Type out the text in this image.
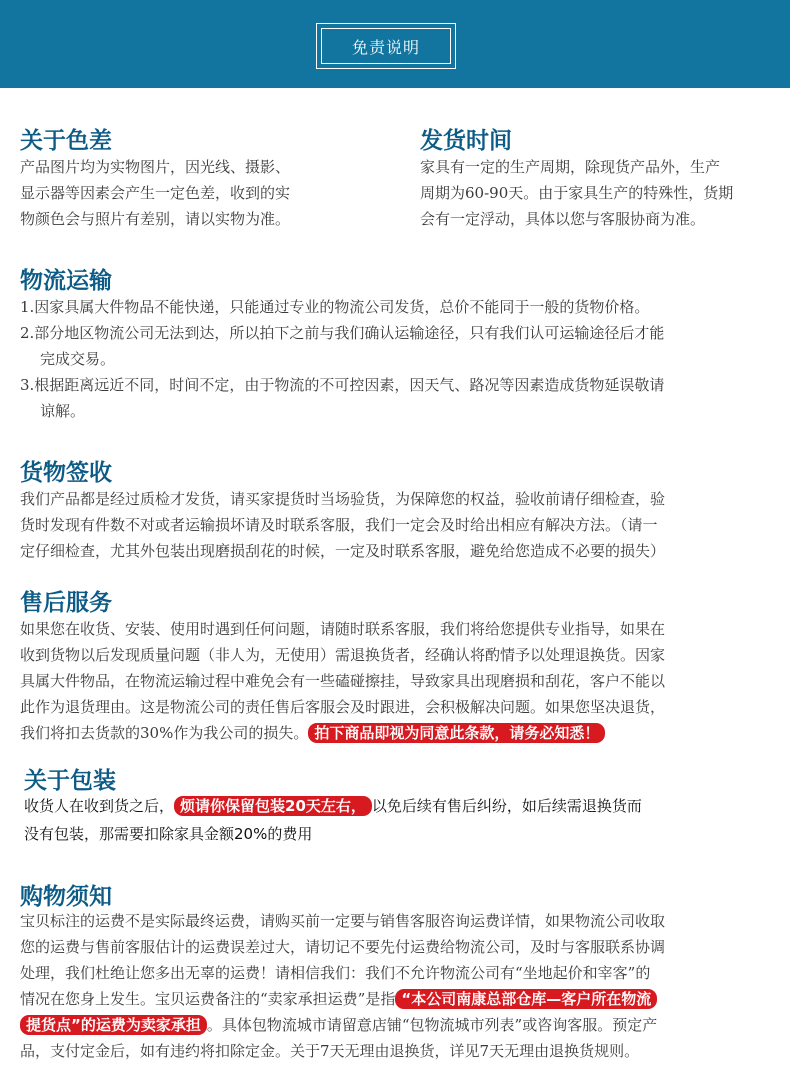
免责说明
关于色差
产品图片均为实物图片，因光线、摄影、
显示器等因素会产生一定色差，收到的实
物颜色会与照片有差别，请以实物为准。
发货时间
家具有一定的生产周期，除现货产品外，生产
周期为60-90天。由于家具生产的特殊性，货期
会有一定浮动，具体以您与客服协商为准。
物流运输
1.因家具属大件物品不能快递，只能通过专业的物流公司发货，总价不能同于一般的货物价格。
2.部分地区物流公司无法到达，所以拍下之前与我们确认运输途径，只有我们认可运输途径后才能
完成交易。
3.根据距离远近不同，时间不定，由于物流的不可控因素，因天气、路况等因素造成货物延误敬请
谅解。
货物签收
我们产品都是经过质检才发货，请买家提货时当场验货，为保障您的权益，验收前请仔细检查，验
货时发现有件数不对或者运输损坏请及时联系客服，我们一定会及时给出相应有解决方法。（请一
定仔细检查，尤其外包装出现磨损刮花的时候，一定及时联系客服，避免给您造成不必要的损失）
售后服务
如果您在收货、安装、使用时遇到任何问题，请随时联系客服，我们将给您提供专业指导，如果在
收到货物以后发现质量问题（非人为，无使用）需退换货者，经确认将酌情予以处理退换货。因家
具属大件物品，在物流运输过程中难免会有一些磕碰擦挂，导致家具出现磨损和刮花，客户不能以
此作为退货理由。这是物流公司的责任售后客服会及时跟进，会积极解决问题。如果您坚决退货，
我们将扣去货款的30%作为我公司的损失。 拍下商品即视为同意此条款，请务必知悉！
关于包装
收货人在收到货之后， 烦请你保留包装20天左右， 以免后续有售后纠纷，如后续需退换货而
没有包装，那需要扣除家具金额20%的费用
购物须知
宝贝标注的运费不是实际最终运费，请购买前一定要与销售客服咨询运费详情，如果物流公司收取
您的运费与售前客服估计的运费误差过大，请切记不要先付运费给物流公司，及时与客服联系协调
处理，我们杜绝让您多出无辜的运费！请相信我们：我们不允许物流公司有“坐地起价和宰客”的
情况在您身上发生。宝贝运费备注的“卖家承担运费”是指 “本公司南康总部仓库—客户所在物流
提货点”的运费为卖家承担 。具体包物流城市请留意店铺“包物流城市列表”或咨询客服。预定产
品，支付定金后，如有违约将扣除定金。关于7天无理由退换货，详见7天无理由退换货规则。
